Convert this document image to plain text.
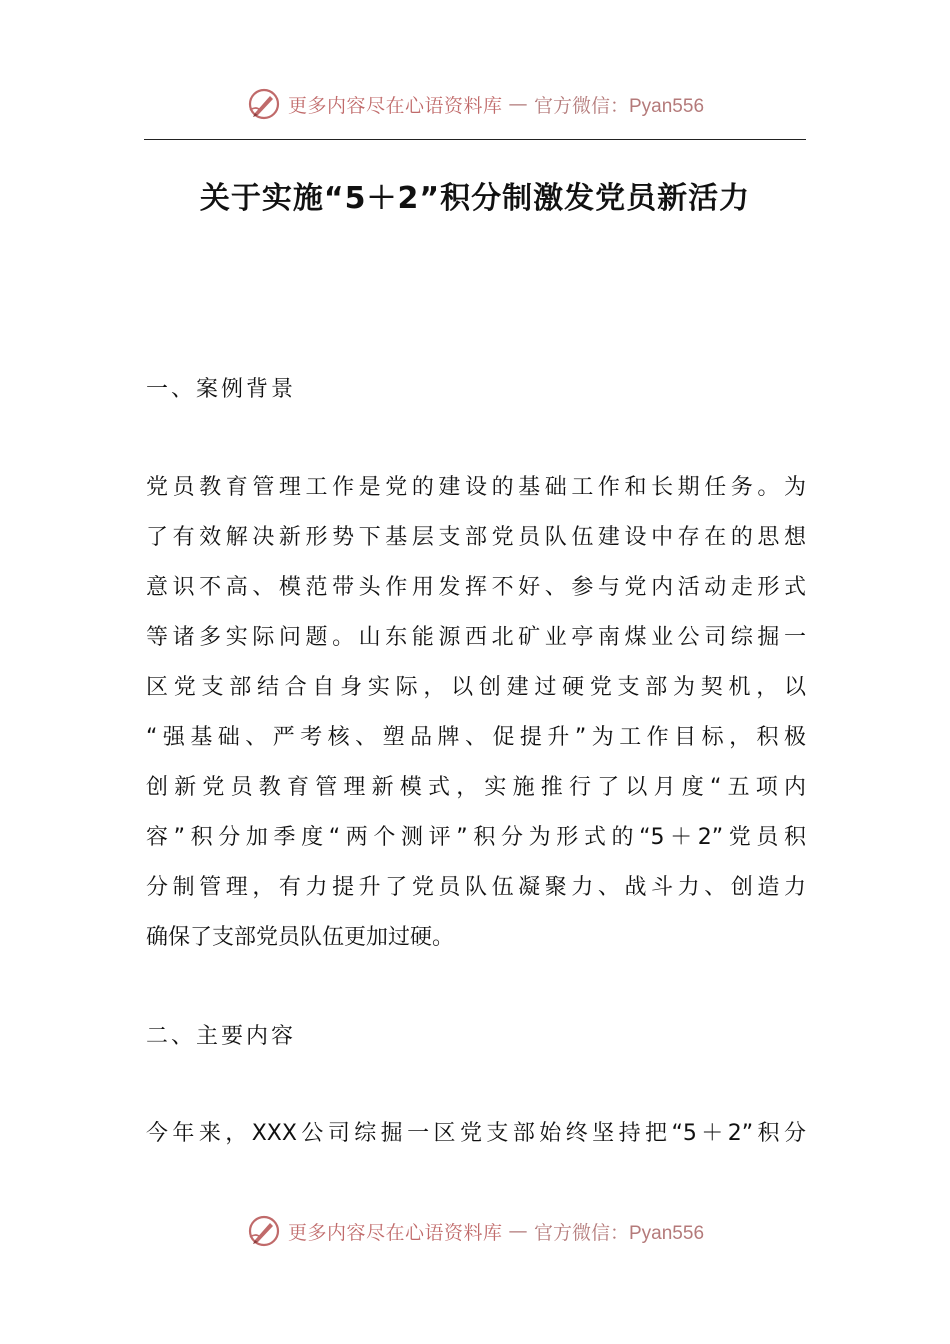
更多内容尽在心语资料库 — 官方微信：Pyan556
关于实施“5＋2”积分制激发党员新活力
一、案例背景
党员教育管理工作是党的建设的基础工作和长期任务。为
了有效解决新形势下基层支部党员队伍建设中存在的思想
意识不高、模范带头作用发挥不好、参与党内活动走形式
等诸多实际问题。山东能源西北矿业亭南煤业公司综掘一
区党支部结合自身实际，以创建过硬党支部为契机，以
“强基础、严考核、塑品牌、促提升”为工作目标，积极
创新党员教育管理新模式，实施推行了以月度“五项内
容”积分加季度“两个测评”积分为形式的“5＋2”党员积
分制管理，有力提升了党员队伍凝聚力、战斗力、创造力
确保了支部党员队伍更加过硬。
二、主要内容
今年来，XXX公司综掘一区党支部始终坚持把“5＋2”积分
更多内容尽在心语资料库 — 官方微信：Pyan556
